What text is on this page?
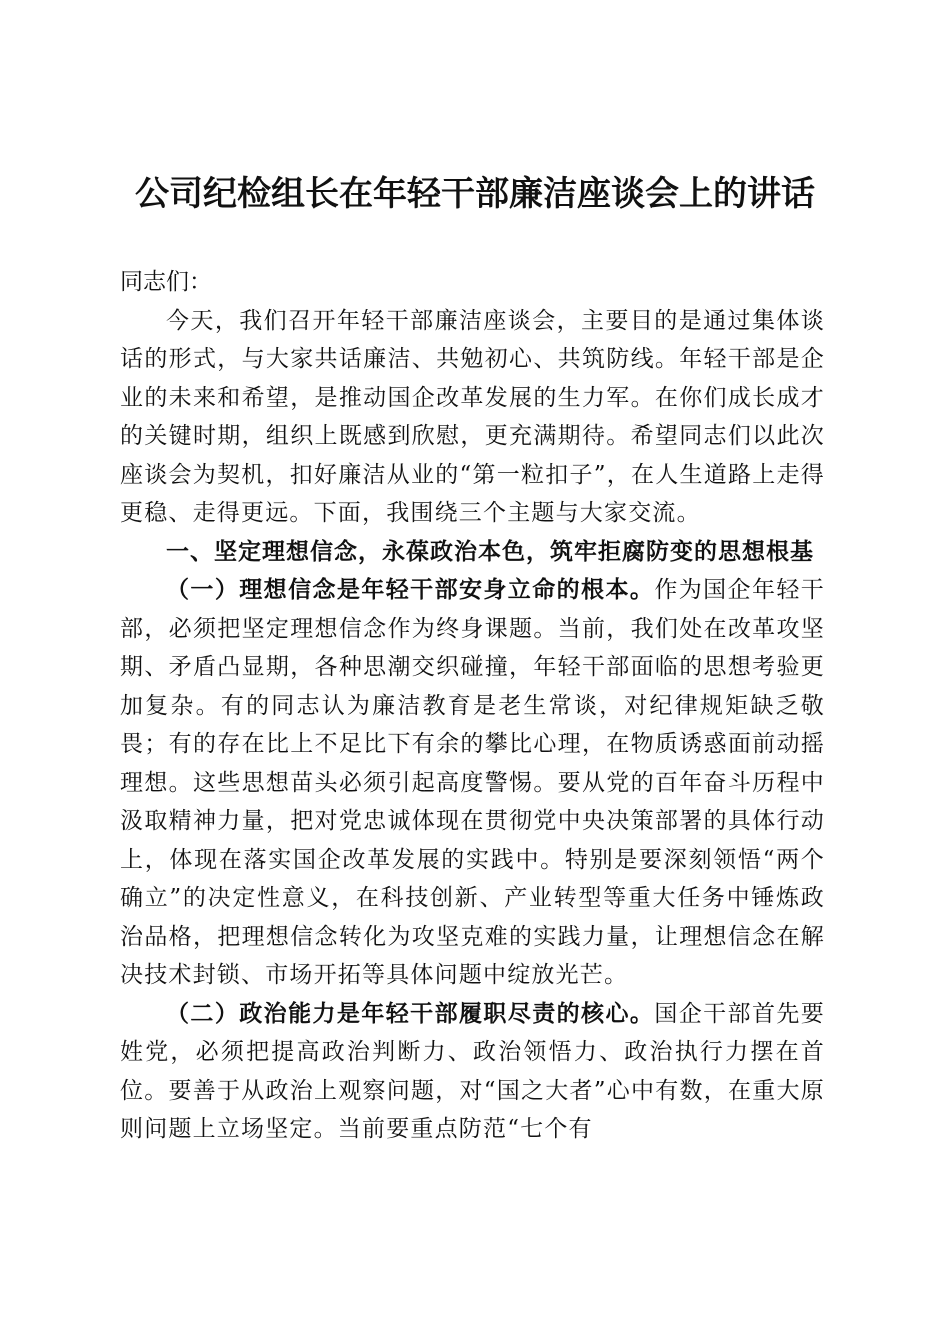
公司纪检组长在年轻干部廉洁座谈会上的讲话

同志们：

今天，我们召开年轻干部廉洁座谈会，主要目的是通过集体谈话的形式，与大家共话廉洁、共勉初心、共筑防线。年轻干部是企业的未来和希望，是推动国企改革发展的生力军。在你们成长成才的关键时期，组织上既感到欣慰，更充满期待。希望同志们以此次座谈会为契机，扣好廉洁从业的“第一粒扣子”，在人生道路上走得更稳、走得更远。下面，我围绕三个主题与大家交流。

一、坚定理想信念，永葆政治本色，筑牢拒腐防变的思想根基

（一）理想信念是年轻干部安身立命的根本。作为国企年轻干部，必须把坚定理想信念作为终身课题。当前，我们处在改革攻坚期、矛盾凸显期，各种思潮交织碰撞，年轻干部面临的思想考验更加复杂。有的同志认为廉洁教育是老生常谈，对纪律规矩缺乏敬畏；有的存在比上不足比下有余的攀比心理，在物质诱惑面前动摇理想。这些思想苗头必须引起高度警惕。要从党的百年奋斗历程中汲取精神力量，把对党忠诚体现在贯彻党中央决策部署的具体行动上，体现在落实国企改革发展的实践中。特别是要深刻领悟“两个确立”的决定性意义，在科技创新、产业转型等重大任务中锤炼政治品格，把理想信念转化为攻坚克难的实践力量，让理想信念在解决技术封锁、市场开拓等具体问题中绽放光芒。

（二）政治能力是年轻干部履职尽责的核心。国企干部首先要姓党，必须把提高政治判断力、政治领悟力、政治执行力摆在首位。要善于从政治上观察问题，对“国之大者”心中有数，在重大原则问题上立场坚定。当前要重点防范“七个有
